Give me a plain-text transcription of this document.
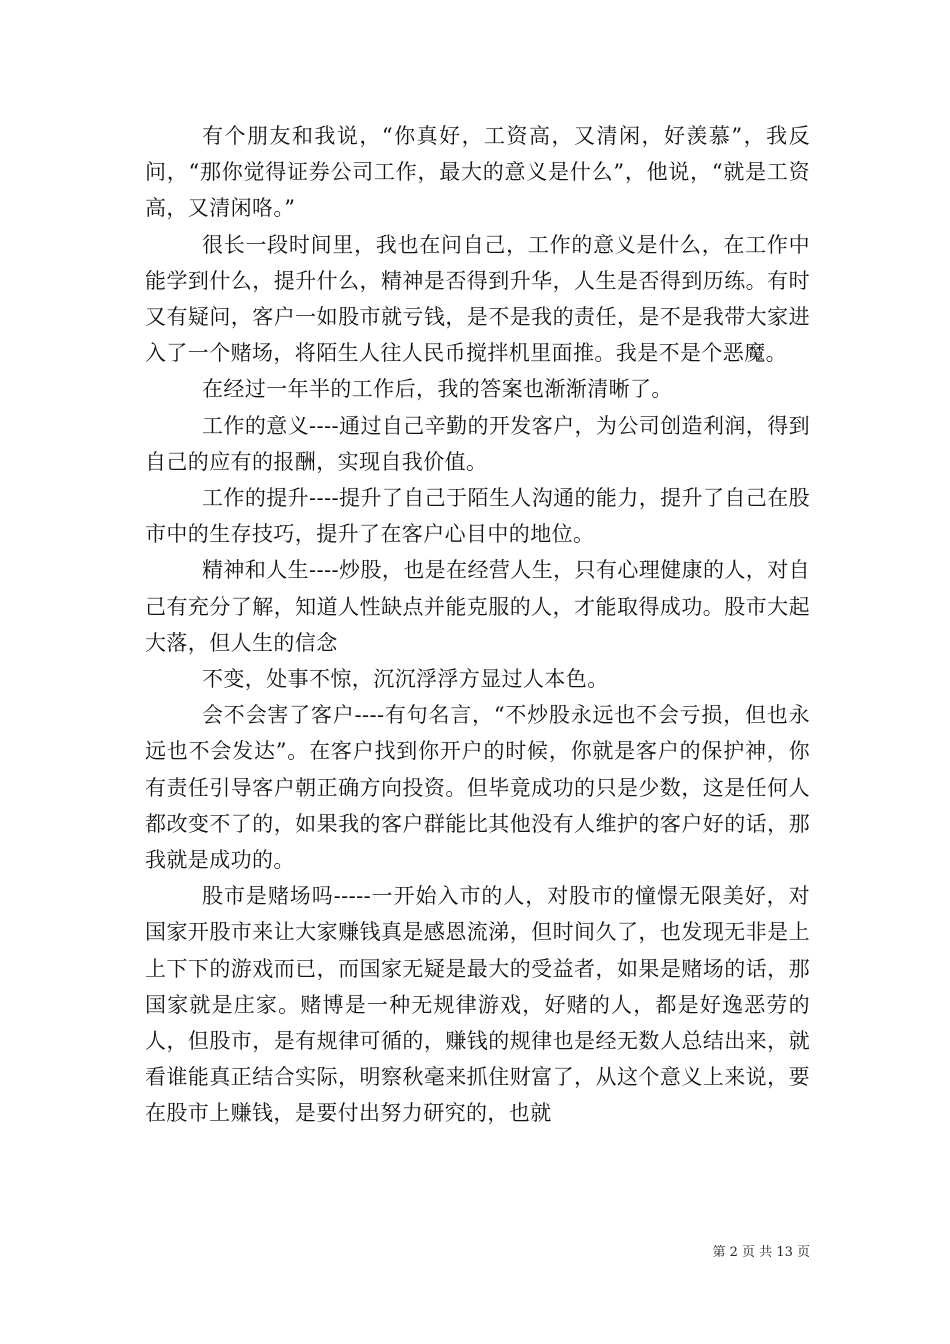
有个朋友和我说，“你真好，工资高，又清闲，好羡慕”，我反问，“那你觉得证券公司工作，最大的意义是什么”，他说，“就是工资高，又清闲咯。”

很长一段时间里，我也在问自己，工作的意义是什么，在工作中能学到什么，提升什么，精神是否得到升华，人生是否得到历练。有时又有疑问，客户一如股市就亏钱，是不是我的责任，是不是我带大家进入了一个赌场，将陌生人往人民币搅拌机里面推。我是不是个恶魔。

在经过一年半的工作后，我的答案也渐渐清晰了。

工作的意义----通过自己辛勤的开发客户，为公司创造利润，得到自己的应有的报酬，实现自我价值。

工作的提升----提升了自己于陌生人沟通的能力，提升了自己在股市中的生存技巧，提升了在客户心目中的地位。

精神和人生----炒股，也是在经营人生，只有心理健康的人，对自己有充分了解，知道人性缺点并能克服的人，才能取得成功。股市大起大落，但人生的信念

不变，处事不惊，沉沉浮浮方显过人本色。

会不会害了客户----有句名言，“不炒股永远也不会亏损，但也永远也不会发达”。在客户找到你开户的时候，你就是客户的保护神，你有责任引导客户朝正确方向投资。但毕竟成功的只是少数，这是任何人都改变不了的，如果我的客户群能比其他没有人维护的客户好的话，那我就是成功的。

股市是赌场吗-----一开始入市的人，对股市的憧憬无限美好，对国家开股市来让大家赚钱真是感恩流涕，但时间久了，也发现无非是上上下下的游戏而已，而国家无疑是最大的受益者，如果是赌场的话，那国家就是庄家。赌博是一种无规律游戏，好赌的人，都是好逸恶劳的人，但股市，是有规律可循的，赚钱的规律也是经无数人总结出来，就看谁能真正结合实际，明察秋毫来抓住财富了，从这个意义上来说，要在股市上赚钱，是要付出努力研究的，也就

第 2 页 共 13 页
